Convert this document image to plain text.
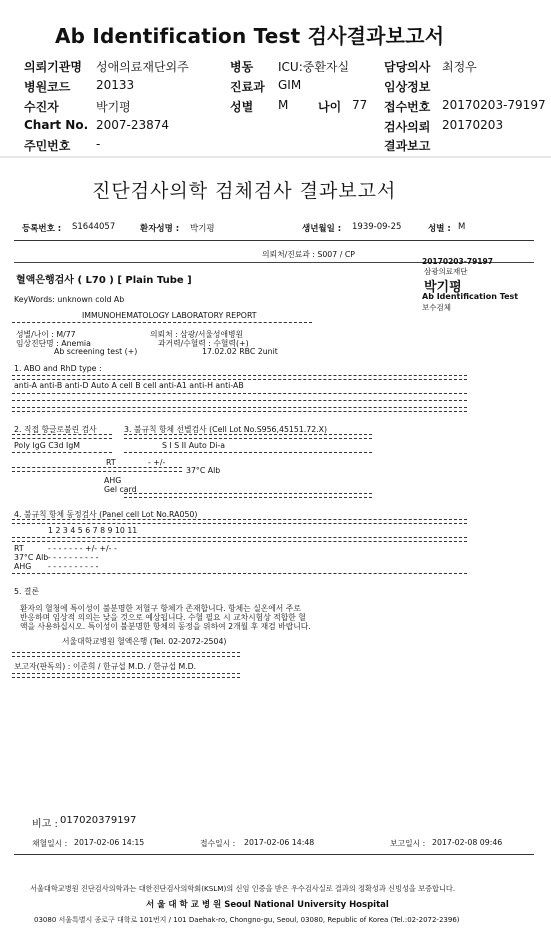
Ab Identification Test 검사결과보고서
의뢰기관명 성애의료재단외주	병동 ICU:중환자실	담당의사 최정우
병원코드 20133	진료과 GIM	임상정보
수진자	박기평	성별 M 나이 77 접수번호 20170203-79197
Chart No. 2007-23874	검사의뢰 20170203
주민번호 -	결과보고
진단검사의학 검체검사 결과보고서
등록번호 : S1644057	환자성명 : 박기평	생년월일 : 1939-09-25	성별 : M
의뢰처/진료과 : S007 / CP
20170203-79197
삼광의료재단
박기평
Ab Identification Test
보수검체
혈액은행검사 ( L70 ) [ Plain Tube ]
KeyWords: unknown cold Ab
IMMUNOHEMATOLOGY LABORATORY REPORT
성별/나이 : M/77
임상진단명 : Anemia
Ab screening test (+)
의뢰처 : 삼광/서울성애병원
과거력/수혈력 : 수혈력(+)
17.02.02 RBC 2unit
1. ABO and RhD type :
anti-A anti-B anti-D Auto A cell B cell anti-A1 anti-H anti-AB
2. 직접 항글로불린 검사	3. 불규칙 항체 선별검사 (Cell Lot No.S956,45151.72.X)
Poly IgG C3d IgM	S I S II Auto Di-a
RT	- +/-
37°C Alb
AHG
Gel card
4. 불규칙 항체 동정검사 (Panel cell Lot No.RA050)
1 2 3 4 5 6 7 8 9 10 11
RT	- - - - - - - +/- +/- -
37°C Alb - - - - - - - - - -
AHG - - - - - - - - - -
5. 결론
환자의 혈청에 특이성이 불분명한 저혈구 항체가 존재합니다. 항체는 실온에서 주로
반응하며 임상적 의의는 낮을 것으로 예상됩니다. 수혈 필요 시 교차시험상 적합한 혈
액을 사용하십시오. 특이성이 불분명한 항체의 동정을 위하여 2개월 후 재검 바랍니다.
서울대학교병원 혈액은행 (Tel. 02-2072-2504)
보고자(판독의) : 이준희 / 한규섭 M.D. / 한규섭 M.D.
비고 : 017020379197
채혈일시 : 2017-02-06 14:15	접수일시 : 2017-02-06 14:48	보고일시 : 2017-02-08 09:46
서울대학교병원 진단검사의학과는 대한진단검사의학회(KSLM)의 신임 인증을 받은 우수검사실로 결과의 정확성과 신빙성을 보증합니다.
서 울 대 학 교 병 원 Seoul National University Hospital
03080 서울특별시 종로구 대학로 101번지 / 101 Daehak-ro, Chongno-gu, Seoul, 03080, Republic of Korea (Tel.:02-2072-2396)
